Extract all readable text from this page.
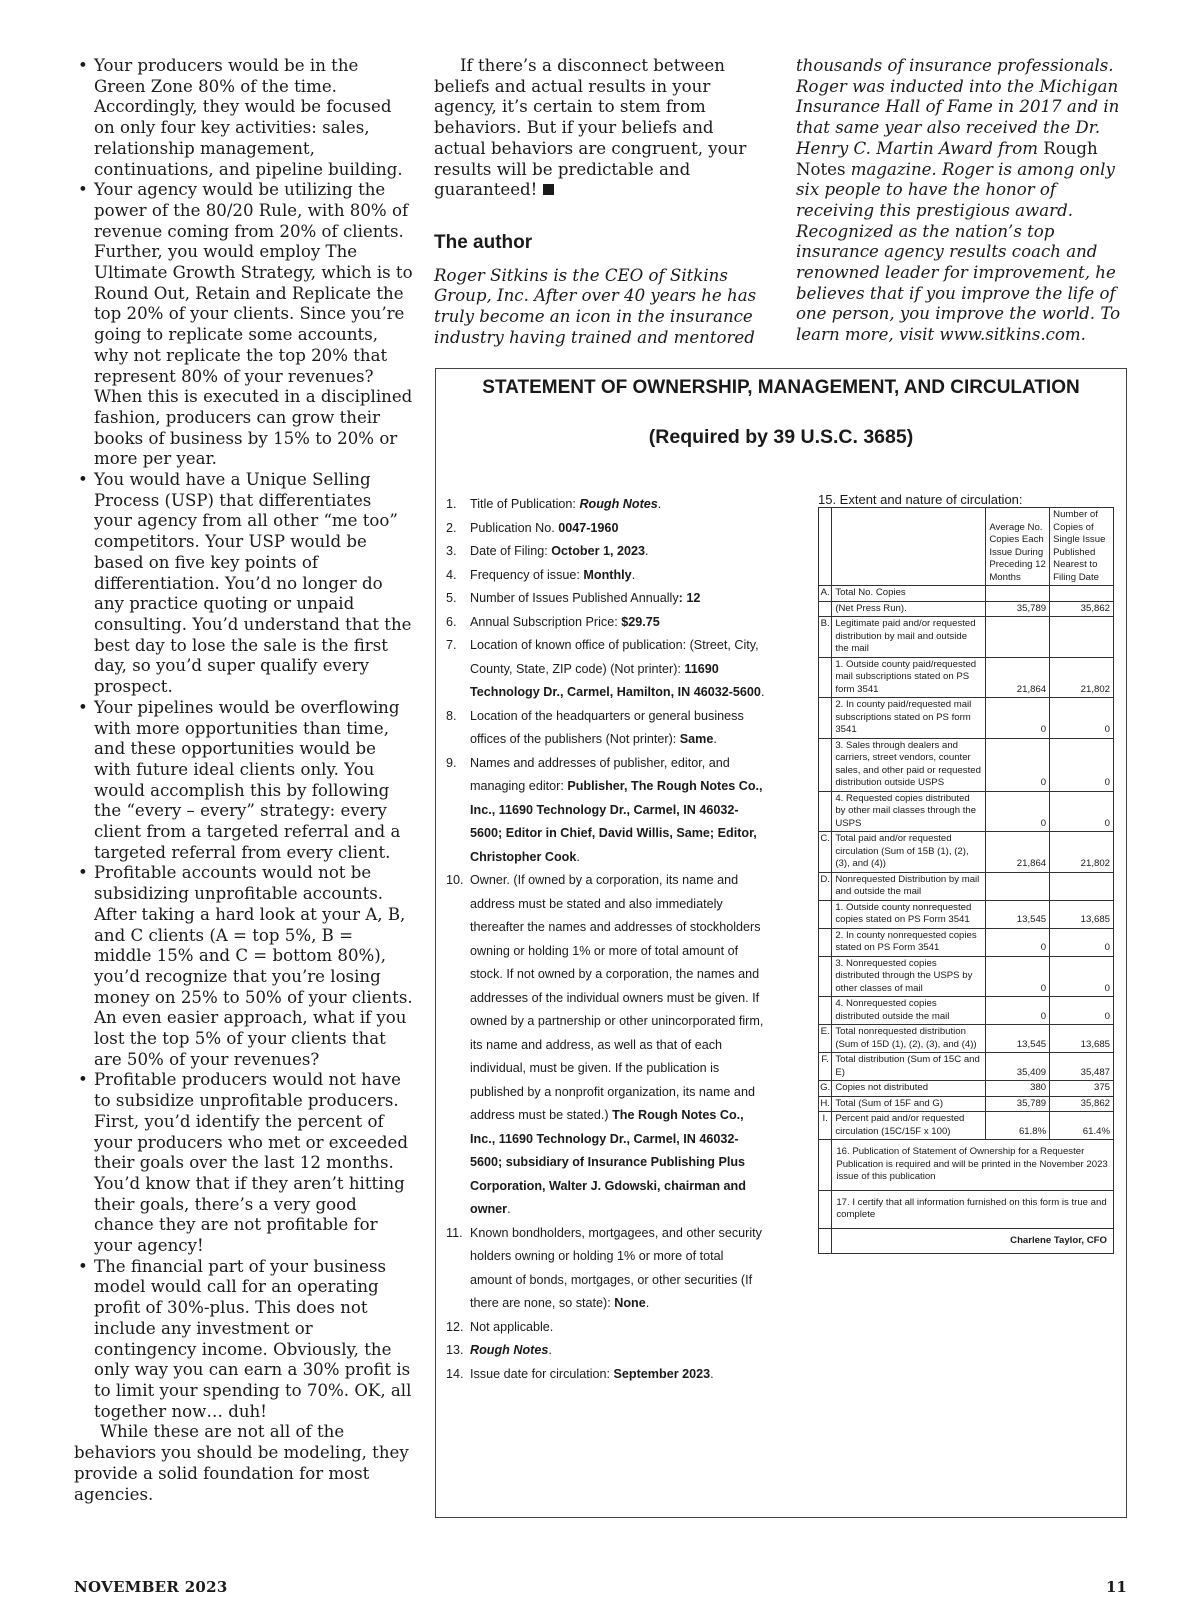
• Your producers would be in the Green Zone 80% of the time. Accordingly, they would be focused on only four key activities: sales, relationship management, continuations, and pipeline building.
• Your agency would be utilizing the power of the 80/20 Rule, with 80% of revenue coming from 20% of clients. Further, you would employ The Ultimate Growth Strategy, which is to Round Out, Retain and Replicate the top 20% of your clients. Since you’re going to replicate some accounts, why not replicate the top 20% that represent 80% of your revenues? When this is executed in a disciplined fashion, producers can grow their books of business by 15% to 20% or more per year.
• You would have a Unique Selling Process (USP) that differentiates your agency from all other “me too” competitors. Your USP would be based on five key points of differentiation. You’d no longer do any practice quoting or unpaid consulting. You’d understand that the best day to lose the sale is the first day, so you’d super qualify every prospect.
• Your pipelines would be overflowing with more opportunities than time, and these opportunities would be with future ideal clients only. You would accomplish this by following the “every – every” strategy: every client from a targeted referral and a targeted referral from every client.
• Profitable accounts would not be subsidizing unprofitable accounts. After taking a hard look at your A, B, and C clients (A = top 5%, B = middle 15% and C = bottom 80%), you’d recognize that you’re losing money on 25% to 50% of your clients. An even easier approach, what if you lost the top 5% of your clients that are 50% of your revenues?
• Profitable producers would not have to subsidize unprofitable producers. First, you’d identify the percent of your producers who met or exceeded their goals over the last 12 months. You’d know that if they aren’t hitting their goals, there’s a very good chance they are not profitable for your agency!
• The financial part of your business model would call for an operating profit of 30%-plus. This does not include any investment or contingency income. Obviously, the only way you can earn a 30% profit is to limit your spending to 70%. OK, all together now… duh!

While these are not all of the behaviors you should be modeling, they provide a solid foundation for most agencies.

If there’s a disconnect between beliefs and actual results in your agency, it’s certain to stem from behaviors. But if your beliefs and actual behaviors are congruent, your results will be predictable and guaranteed!

The author

Roger Sitkins is the CEO of Sitkins Group, Inc. After over 40 years he has truly become an icon in the insurance industry having trained and mentored

thousands of insurance professionals. Roger was inducted into the Michigan Insurance Hall of Fame in 2017 and in that same year also received the Dr. Henry C. Martin Award from Rough Notes magazine. Roger is among only six people to have the honor of receiving this prestigious award. Recognized as the nation’s top insurance agency results coach and renowned leader for improvement, he believes that if you improve the life of one person, you improve the world. To learn more, visit www.sitkins.com.

STATEMENT OF OWNERSHIP, MANAGEMENT, AND CIRCULATION
(Required by 39 U.S.C. 3685)
1. Title of Publication: Rough Notes.
2. Publication No. 0047-1960
3. Date of Filing: October 1, 2023.
4. Frequency of issue: Monthly.
5. Number of Issues Published Annually: 12
6. Annual Subscription Price: $29.75
7. Location of known office of publication: (Street, City, County, State, ZIP code) (Not printer): 11690 Technology Dr., Carmel, Hamilton, IN 46032-5600.
8. Location of the headquarters or general business offices of the publishers (Not printer): Same.
9. Names and addresses of publisher, editor, and managing editor: Publisher, The Rough Notes Co., Inc., 11690 Technology Dr., Carmel, IN 46032-5600; Editor in Chief, David Willis, Same; Editor, Christopher Cook.
10. Owner. (If owned by a corporation, its name and address must be stated and also immediately thereafter the names and addresses of stockholders owning or holding 1% or more of total amount of stock. If not owned by a corporation, the names and addresses of the individual owners must be given. If owned by a partnership or other unincorporated firm, its name and address, as well as that of each individual, must be given. If the publication is published by a nonprofit organization, its name and address must be stated.) The Rough Notes Co., Inc., 11690 Technology Dr., Carmel, IN 46032-5600; subsidiary of Insurance Publishing Plus Corporation, Walter J. Gdowski, chairman and owner.
11. Known bondholders, mortgagees, and other security holders owning or holding 1% or more of total amount of bonds, mortgages, or other securities (If there are none, so state): None.
12. Not applicable.
13. Rough Notes.
14. Issue date for circulation: September 2023.
15. Extent and nature of circulation:
		Average No. Copies Each Issue During Preceding 12 Months	Number of Copies of Single Issue Published Nearest to Filing Date
A.	Total No. Copies		
	(Net Press Run).	35,789	35,862
B.	Legitimate paid and/or requested distribution by mail and outside the mail		
	1. Outside county paid/requested mail subscriptions stated on PS form 3541	21,864	21,802
	2. In county paid/requested mail subscriptions stated on PS form 3541	0	0
	3. Sales through dealers and carriers, street vendors, counter sales, and other paid or requested distribution outside USPS	0	0
	4. Requested copies distributed by other mail classes through the USPS	0	0
C.	Total paid and/or requested circulation (Sum of 15B (1), (2), (3), and (4))	21,864	21,802
D.	Nonrequested Distribution by mail and outside the mail		
	1. Outside county nonrequested copies stated on PS Form 3541	13,545	13,685
	2. In county nonrequested copies stated on PS Form 3541	0	0
	3. Nonrequested copies distributed through the USPS by other classes of mail	0	0
	4. Nonrequested copies distributed outside the mail	0	0
E.	Total nonrequested distribution (Sum of 15D (1), (2), (3), and (4))	13,545	13,685
F.	Total distribution (Sum of 15C and E)	35,409	35,487
G.	Copies not distributed	380	375
H.	Total (Sum of 15F and G)	35,789	35,862
I.	Percent paid and/or requested circulation (15C/15F x 100)	61.8%	61.4%
	16. Publication of Statement of Ownership for a Requester Publication is required and will be printed in the November 2023 issue of this publication		
	17. I certify that all information furnished on this form is true and complete		
	Charlene Taylor, CFO		
NOVEMBER 2023	11
